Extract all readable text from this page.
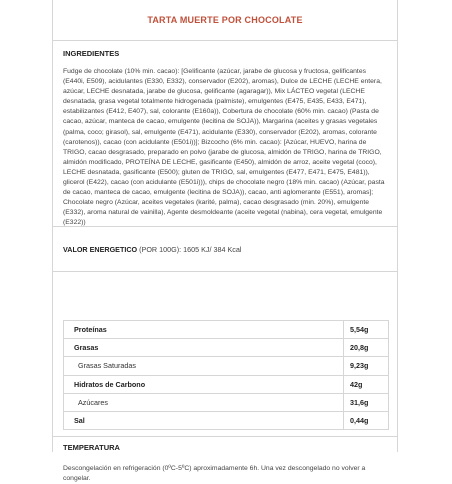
TARTA MUERTE POR CHOCOLATE
INGREDIENTES

Fudge de chocolate (10% min. cacao): [Gelificante (azúcar, jarabe de glucosa y fructosa, gelificantes (E440i, E509), acidulantes (E330, E332), conservador (E202), aromas), Dulce de LECHE (LECHE entera, azúcar, LECHE desnatada, jarabe de glucosa, gelificante (agaragar)), Mix LÁCTEO vegetal (LECHE desnatada, grasa vegetal totalmente hidrogenada (palmiste), emulgentes (E475, E435, E433, E471), estabilizantes (E412, E407), sal, colorante (E160a)), Cobertura de chocolate (60% min. cacao) (Pasta de cacao, azúcar, manteca de cacao, emulgente (lecitina de SOJA)), Margarina (aceites y grasas vegetales (palma, coco; girasol), sal, emulgente (E471), acidulante (E330), conservador (E202), aromas, colorante (carotenos)), cacao (con acidulante (E501i))]; Bizcocho (6% min. cacao): [Azúcar, HUEVO, harina de TRIGO, cacao desgrasado, preparado en polvo (jarabe de glucosa, almidón de TRIGO, harina de TRIGO, almidón modificado, PROTEÍNA DE LECHE, gasificante (E450), almidón de arroz, aceite vegetal (coco), LECHE desnatada, gasificante (E500); gluten de TRIGO, sal, emulgentes (E477, E471, E475, E481)), glicerol (E422), cacao (con acidulante (E501i))), chips de chocolate negro (18% min. cacao) (Azúcar, pasta de cacao, manteca de cacao, emulgente (lecitina de SOJA)), cacao, anti aglomerante (E551), aromas]; Chocolate negro (Azúcar, aceites vegetales (karité, palma), cacao desgrasado (min. 20%), emulgente (E332), aroma natural de vainilla), Agente desmoldeante (aceite vegetal (nabina), cera vegetal, emulgente (E322))

VALOR ENERGETICO (POR 100G): 1605 KJ/ 384 Kcal
Proteínas	5,54g
Grasas	20,8g
Grasas Saturadas	9,23g
Hidratos de Carbono	42g
Azúcares	31,6g
Sal	0,44g
TEMPERATURA

Descongelación en refrigeración (0ºC-5ºC) aproximadamente 6h. Una vez descongelado no volver a congelar.
